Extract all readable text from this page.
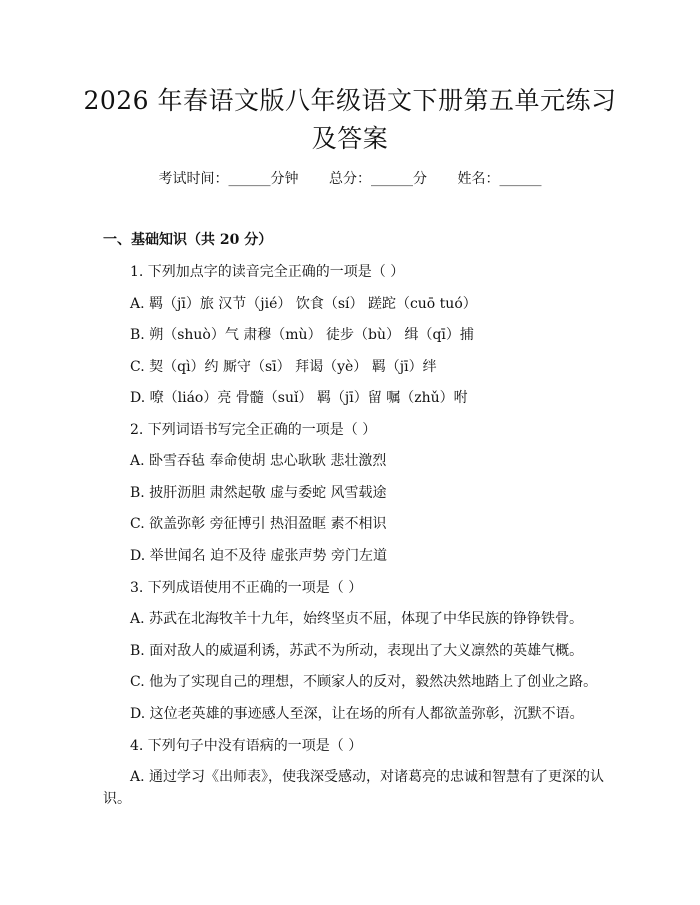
2026 年春语文版八年级语文下册第五单元练习及答案
考试时间：______分钟 总分：______分 姓名：______
一、基础知识（共 20 分）
1. 下列加点字的读音完全正确的一项是（ ）
A. 羁（jī）旅 汉节（jié） 饮食（sí） 蹉跎（cuō tuó）
B. 朔（shuò）气 肃穆（mù） 徒步（bù） 缉（qī）捕
C. 契（qì）约 厮守（sī） 拜谒（yè） 羁（jī）绊
D. 嘹（liáo）亮 骨髓（suǐ） 羁（jī）留 嘱（zhǔ）咐
2. 下列词语书写完全正确的一项是（ ）
A. 卧雪吞毡 奉命使胡 忠心耿耿 悲壮激烈
B. 披肝沥胆 肃然起敬 虚与委蛇 风雪载途
C. 欲盖弥彰 旁征博引 热泪盈眶 素不相识
D. 举世闻名 迫不及待 虚张声势 旁门左道
3. 下列成语使用不正确的一项是（ ）
A. 苏武在北海牧羊十九年，始终坚贞不屈，体现了中华民族的铮铮铁骨。
B. 面对敌人的威逼利诱，苏武不为所动，表现出了大义凛然的英雄气概。
C. 他为了实现自己的理想，不顾家人的反对，毅然决然地踏上了创业之路。
D. 这位老英雄的事迹感人至深，让在场的所有人都欲盖弥彰，沉默不语。
4. 下列句子中没有语病的一项是（ ）
A. 通过学习《出师表》，使我深受感动，对诸葛亮的忠诚和智慧有了更深的认识。
